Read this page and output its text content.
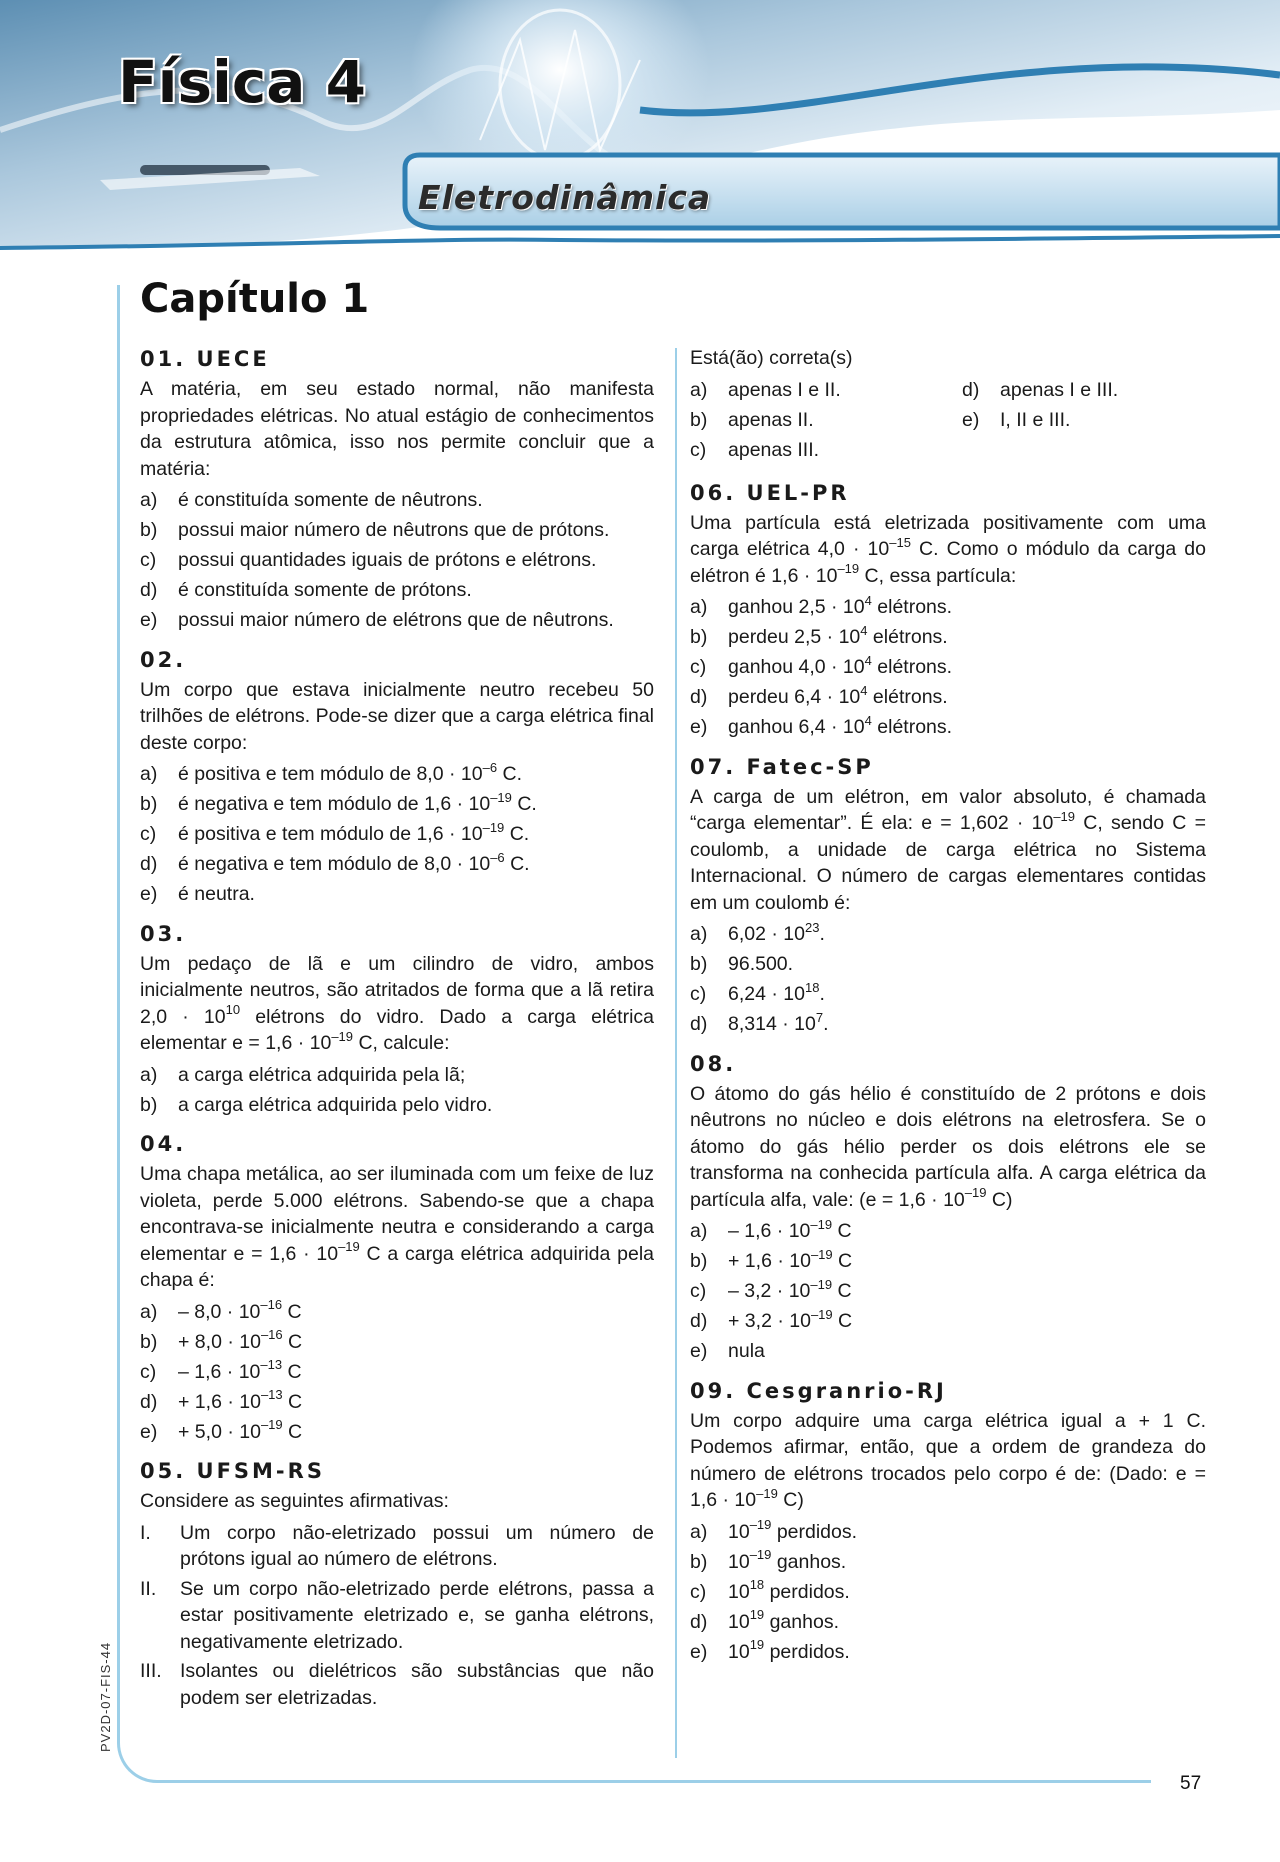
Física 4
Eletrodinâmica
Capítulo 1
01. UECE
A matéria, em seu estado normal, não manifesta propriedades elétricas. No atual estágio de conhecimentos da estrutura atômica, isso nos permite concluir que a matéria:
a)	é constituída somente de nêutrons.
b)	possui maior número de nêutrons que de prótons.
c)	possui quantidades iguais de prótons e elétrons.
d)	é constituída somente de prótons.
e)	possui maior número de elétrons que de nêutrons.
02.
Um corpo que estava inicialmente neutro recebeu 50 trilhões de elétrons. Pode-se dizer que a carga elétrica final deste corpo:
a)	é positiva e tem módulo de $8,0 \cdot 10^{-6}$ C.
b)	é negativa e tem módulo de $1,6 \cdot 10^{-19}$ C.
c)	é positiva e tem módulo de $1,6 \cdot 10^{-19}$ C.
d)	é negativa e tem módulo de $8,0 \cdot 10^{-6}$ C.
e)	é neutra.
03.
Um pedaço de lã e um cilindro de vidro, ambos inicialmente neutros, são atritados de forma que a lã retira $2,0 \cdot 10^{10}$ elétrons do vidro. Dado a carga elétrica elementar $e = 1,6 \cdot 10^{-19}$ C, calcule:
a)	a carga elétrica adquirida pela lã;
b)	a carga elétrica adquirida pelo vidro.
04.
Uma chapa metálica, ao ser iluminada com um feixe de luz violeta, perde 5.000 elétrons. Sabendo-se que a chapa encontrava-se inicialmente neutra e considerando a carga elementar $e = 1,6 \cdot 10^{-19}$ C a carga elétrica adquirida pela chapa é:
a)	– $8,0 \cdot 10^{-16}$ C
b)	+ $8,0 \cdot 10^{-16}$ C
c)	– $1,6 \cdot 10^{-13}$ C
d)	+ $1,6 \cdot 10^{-13}$ C
e)	+ $5,0 \cdot 10^{-19}$ C
05. UFSM-RS
Considere as seguintes afirmativas:
I.	Um corpo não-eletrizado possui um número de prótons igual ao número de elétrons.
II.	Se um corpo não-eletrizado perde elétrons, passa a estar positivamente eletrizado e, se ganha elétrons, negativamente eletrizado.
III. Isolantes ou dielétricos são substâncias que não podem ser eletrizadas.
Está(ão) correta(s)
a)	apenas I e II.	d)	apenas I e III.
b)	apenas II.	e)	I, II e III.
c)	apenas III.
06. UEL-PR
Uma partícula está eletrizada positivamente com uma carga elétrica $4,0 \cdot 10^{-15}$ C. Como o módulo da carga do elétron é $1,6 \cdot 10^{-19}$ C, essa partícula:
a)	ganhou $2,5 \cdot 10^4$ elétrons.
b)	perdeu $2,5 \cdot 10^4$ elétrons.
c)	ganhou $4,0 \cdot 10^4$ elétrons.
d)	perdeu $6,4 \cdot 10^4$ elétrons.
e)	ganhou $6,4 \cdot 10^4$ elétrons.
07. Fatec-SP
A carga de um elétron, em valor absoluto, é chamada “carga elementar”. É ela: $e = 1,602 \cdot 10^{-19}$ C, sendo C = coulomb, a unidade de carga elétrica no Sistema Internacional. O número de cargas elementares contidas em um coulomb é:
a)	$6,02 \cdot 10^{23}$.
b)	96.500.
c)	$6,24 \cdot 10^{18}$.
d)	$8,314 \cdot 10^7$.
08.
O átomo do gás hélio é constituído de 2 prótons e dois nêutrons no núcleo e dois elétrons na eletrosfera. Se o átomo do gás hélio perder os dois elétrons ele se transforma na conhecida partícula alfa. A carga elétrica da partícula alfa, vale: ($e = 1,6 \cdot 10^{-19}$ C)
a)	– $1,6 \cdot 10^{-19}$ C
b)	+ $1,6 \cdot 10^{-19}$ C
c)	– $3,2 \cdot 10^{-19}$ C
d)	+ $3,2 \cdot 10^{-19}$ C
e)	nula
09. Cesgranrio-RJ
Um corpo adquire uma carga elétrica igual a + 1 C. Podemos afirmar, então, que a ordem de grandeza do número de elétrons trocados pelo corpo é de: (Dado: $e = 1,6 \cdot 10^{-19}$ C)
a)	$10^{-19}$ perdidos.
b)	$10^{-19}$ ganhos.
c)	$10^{18}$ perdidos.
d)	$10^{19}$ ganhos.
e)	$10^{19}$ perdidos.
PV2D-07-FIS-44
57
